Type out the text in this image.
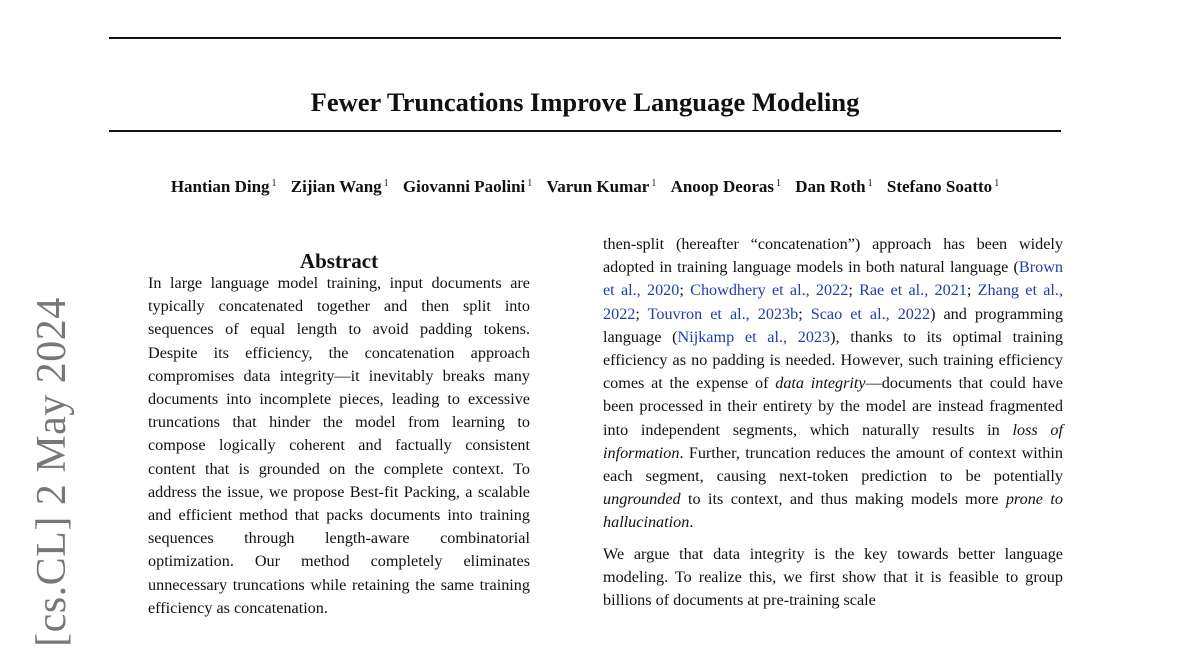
Fewer Truncations Improve Language Modeling
Hantian Ding $^1$ Zijian Wang $^1$ Giovanni Paolini $^1$ Varun Kumar $^1$ Anoop Deoras $^1$ Dan Roth $^1$ Stefano Soatto $^1$
[cs.CL] 2 May 2024
Abstract
In large language model training, input documents are typically concatenated together and then split into sequences of equal length to avoid padding tokens. Despite its efficiency, the concatenation approach compromises data integrity—it inevitably breaks many documents into incomplete pieces, leading to excessive truncations that hinder the model from learning to compose logically coherent and factually consistent content that is grounded on the complete context. To address the issue, we propose Best-fit Packing, a scalable and efficient method that packs documents into training sequences through length-aware combinatorial optimization. Our method completely eliminates unnecessary truncations while retaining the same training efficiency as concatenation.

then-split (hereafter “concatenation”) approach has been widely adopted in training language models in both natural language (Brown et al., 2020; Chowdhery et al., 2022; Rae et al., 2021; Zhang et al., 2022; Touvron et al., 2023b; Scao et al., 2022) and programming language (Nijkamp et al., 2023), thanks to its optimal training efficiency as no padding is needed. However, such training efficiency comes at the expense of data integrity—documents that could have been processed in their entirety by the model are instead fragmented into independent segments, which naturally results in loss of information. Further, truncation reduces the amount of context within each segment, causing next-token prediction to be potentially ungrounded to its context, and thus making models more prone to hallucination.

We argue that data integrity is the key towards better language modeling. To realize this, we first show that it is feasible to group billions of documents at pre-training scale
